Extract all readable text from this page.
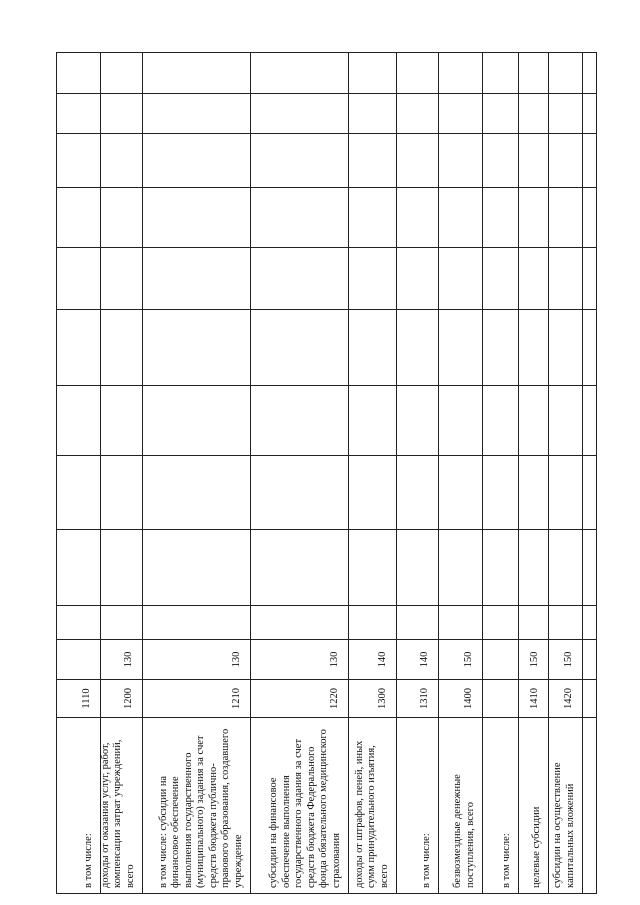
в том числе:
1110
доходы от оказания услуг, работ, компенсации затрат учреждений, всего
1200
130
в том числе: субсидии на финансовое обеспечение выполнения государственного (муниципального) задания за счет средств бюджета публично-правового образования, создавшего учреждение
1210
130
субсидии на финансовое обеспечение выполнения государственного задания за счет средств бюджета Федерального фонда обязательного медицинского страхования
1220
130
доходы от штрафов, пеней, иных сумм принудительного изъятия, всего
1300
140
в том числе:
1310
140
безвозмездные денежные поступления, всего
1400
150
в том числе: целевые субсидии
1410
150
субсидии на осуществление капитальных вложений
1420
150
